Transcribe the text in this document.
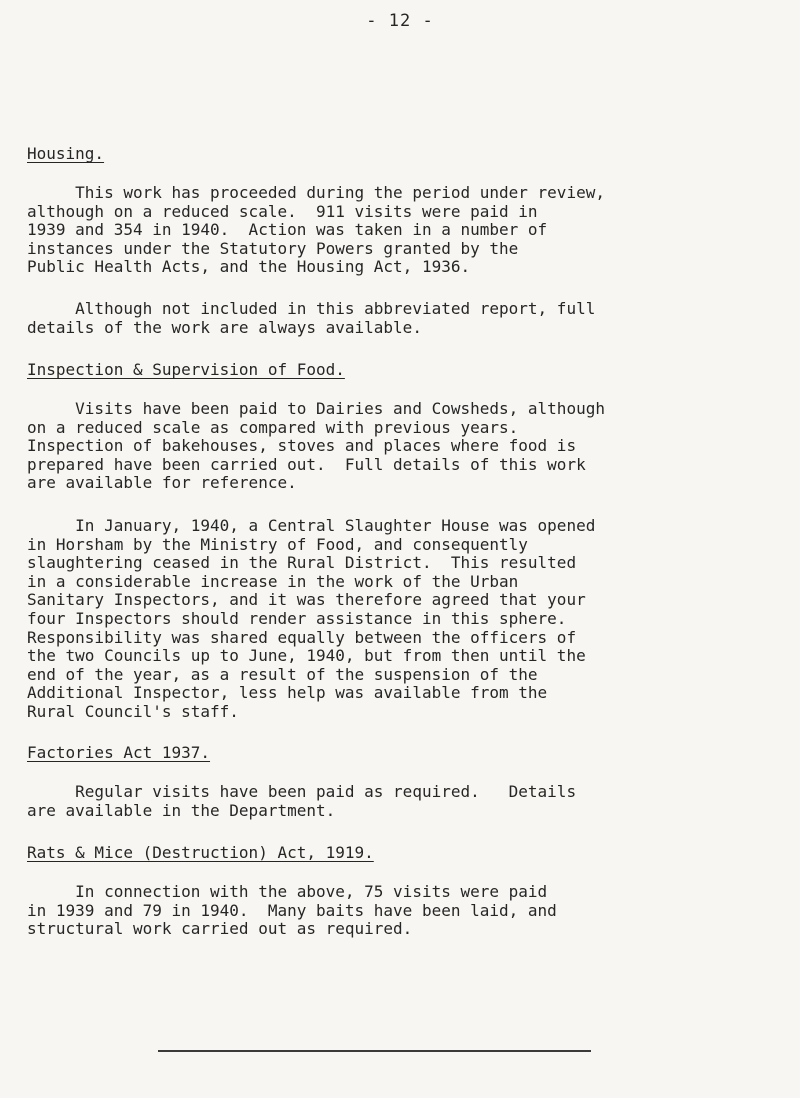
- 12 -
Housing.
This work has proceeded during the period under review,
although on a reduced scale.  911 visits were paid in
1939 and 354 in 1940.  Action was taken in a number of
instances under the Statutory Powers granted by the
Public Health Acts, and the Housing Act, 1936.
Although not included in this abbreviated report, full
details of the work are always available.
Inspection & Supervision of Food.
Visits have been paid to Dairies and Cowsheds, although
on a reduced scale as compared with previous years.
Inspection of bakehouses, stoves and places where food is
prepared have been carried out.  Full details of this work
are available for reference.
In January, 1940, a Central Slaughter House was opened
in Horsham by the Ministry of Food, and consequently
slaughtering ceased in the Rural District.  This resulted
in a considerable increase in the work of the Urban
Sanitary Inspectors, and it was therefore agreed that your
four Inspectors should render assistance in this sphere.
Responsibility was shared equally between the officers of
the two Councils up to June, 1940, but from then until the
end of the year, as a result of the suspension of the
Additional Inspector, less help was available from the
Rural Council's staff.
Factories Act 1937.
Regular visits have been paid as required.   Details
are available in the Department.
Rats & Mice (Destruction) Act, 1919.
In connection with the above, 75 visits were paid
in 1939 and 79 in 1940.  Many baits have been laid, and
structural work carried out as required.
